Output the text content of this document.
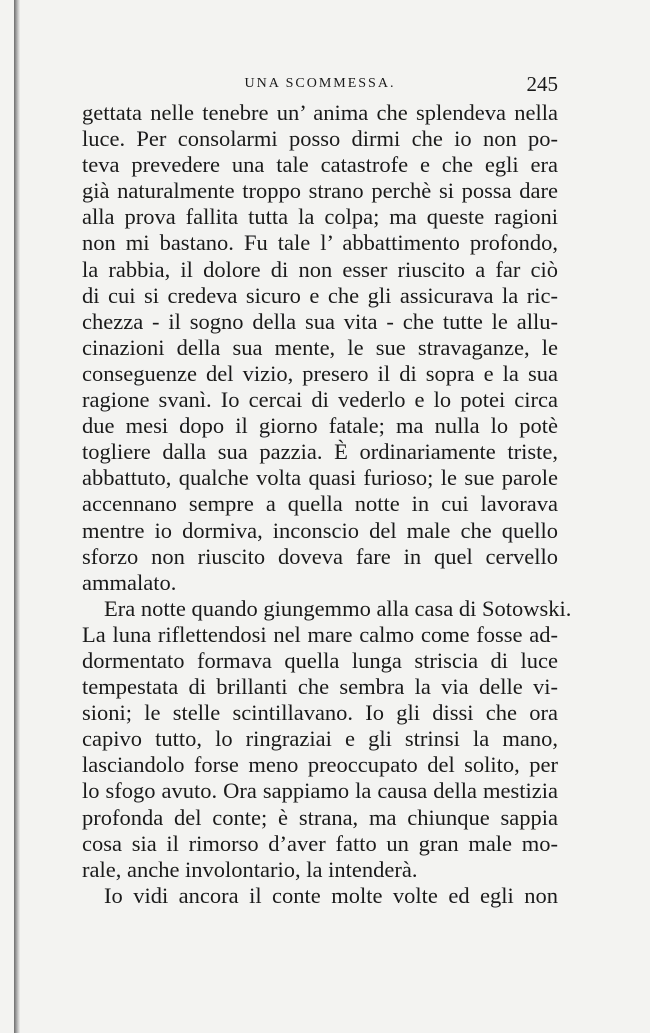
UNA SCOMMESSA.	245
gettata nelle tenebre un’ anima che splendeva nella
luce. Per consolarmi posso dirmi che io non po-
teva prevedere una tale catastrofe e che egli era
già naturalmente troppo strano perchè si possa dare
alla prova fallita tutta la colpa; ma queste ragioni
non mi bastano. Fu tale l’ abbattimento profondo,
la rabbia, il dolore di non esser riuscito a far ciò
di cui si credeva sicuro e che gli assicurava la ric-
chezza - il sogno della sua vita - che tutte le allu-
cinazioni della sua mente, le sue stravaganze, le
conseguenze del vizio, presero il di sopra e la sua
ragione svanì. Io cercai di vederlo e lo potei circa
due mesi dopo il giorno fatale; ma nulla lo potè
togliere dalla sua pazzia. È ordinariamente triste,
abbattuto, qualche volta quasi furioso; le sue parole
accennano sempre a quella notte in cui lavorava
mentre io dormiva, inconscio del male che quello
sforzo non riuscito doveva fare in quel cervello
ammalato.
Era notte quando giungemmo alla casa di Sotowski.
La luna riflettendosi nel mare calmo come fosse ad-
dormentato formava quella lunga striscia di luce
tempestata di brillanti che sembra la via delle vi-
sioni; le stelle scintillavano. Io gli dissi che ora
capivo tutto, lo ringraziai e gli strinsi la mano,
lasciandolo forse meno preoccupato del solito, per
lo sfogo avuto. Ora sappiamo la causa della mestizia
profonda del conte; è strana, ma chiunque sappia
cosa sia il rimorso d’aver fatto un gran male mo-
rale, anche involontario, la intenderà.
Io vidi ancora il conte molte volte ed egli non
